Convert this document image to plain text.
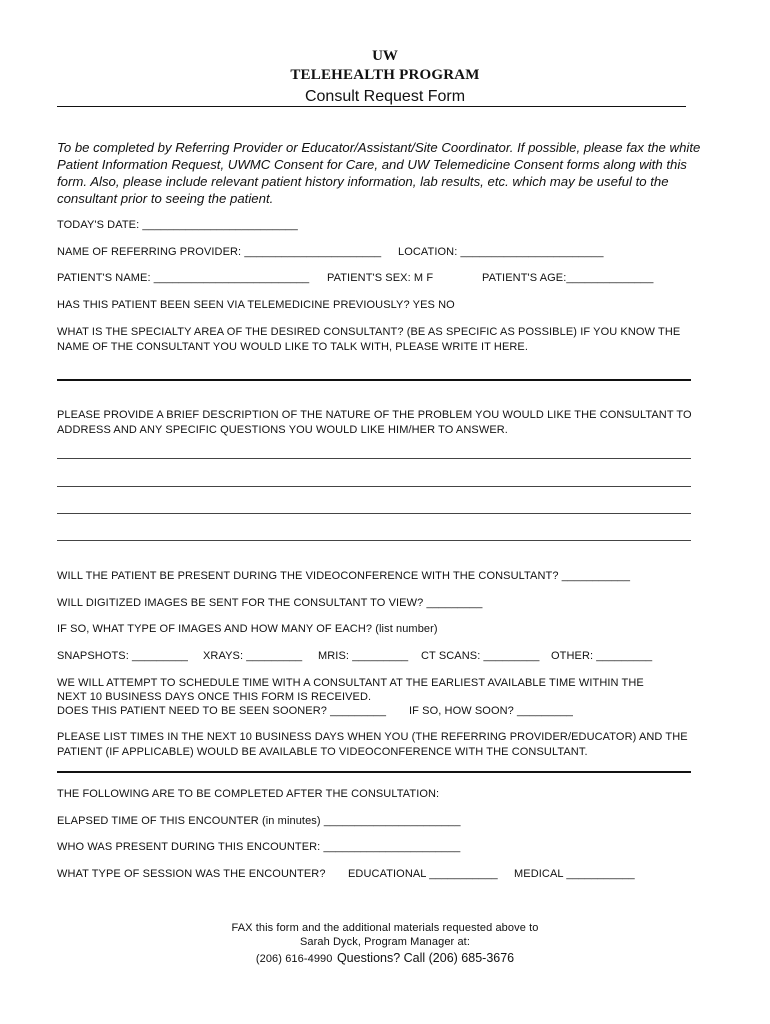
UW
TELEHEALTH PROGRAM
Consult Request Form
To be completed by Referring Provider or Educator/Assistant/Site Coordinator. If possible, please fax the white Patient Information Request, UWMC Consent for Care, and UW Telemedicine Consent forms along with this form. Also, please include relevant patient history information, lab results, etc. which may be useful to the consultant prior to seeing the patient.
TODAY'S DATE: _________________________
NAME OF REFERRING PROVIDER: ______________________ LOCATION: _______________________
PATIENT'S NAME: _________________________ PATIENT'S SEX: M F	PATIENT'S AGE:______________
HAS THIS PATIENT BEEN SEEN VIA TELEMEDICINE PREVIOUSLY? YES NO
WHAT IS THE SPECIALTY AREA OF THE DESIRED CONSULTANT? (BE AS SPECIFIC AS POSSIBLE) IF YOU KNOW THE NAME OF THE CONSULTANT YOU WOULD LIKE TO TALK WITH, PLEASE WRITE IT HERE.
PLEASE PROVIDE A BRIEF DESCRIPTION OF THE NATURE OF THE PROBLEM YOU WOULD LIKE THE CONSULTANT TO ADDRESS AND ANY SPECIFIC QUESTIONS YOU WOULD LIKE HIM/HER TO ANSWER.
WILL THE PATIENT BE PRESENT DURING THE VIDEOCONFERENCE WITH THE CONSULTANT? ___________
WILL DIGITIZED IMAGES BE SENT FOR THE CONSULTANT TO VIEW? _________
IF SO, WHAT TYPE OF IMAGES AND HOW MANY OF EACH? (list number)
SNAPSHOTS: _________ XRAYS: _________ MRIS: _________ CT SCANS: _________ OTHER: _________
WE WILL ATTEMPT TO SCHEDULE TIME WITH A CONSULTANT AT THE EARLIEST AVAILABLE TIME WITHIN THE
NEXT 10 BUSINESS DAYS ONCE THIS FORM IS RECEIVED.
DOES THIS PATIENT NEED TO BE SEEN SOONER? _________ IF SO, HOW SOON? _________
PLEASE LIST TIMES IN THE NEXT 10 BUSINESS DAYS WHEN YOU (THE REFERRING PROVIDER/EDUCATOR) AND THE PATIENT (IF APPLICABLE) WOULD BE AVAILABLE TO VIDEOCONFERENCE WITH THE CONSULTANT.
THE FOLLOWING ARE TO BE COMPLETED AFTER THE CONSULTATION:
ELAPSED TIME OF THIS ENCOUNTER (in minutes) ______________________
WHO WAS PRESENT DURING THIS ENCOUNTER: ______________________
WHAT TYPE OF SESSION WAS THE ENCOUNTER? EDUCATIONAL ___________ MEDICAL ___________
FAX this form and the additional materials requested above to
Sarah Dyck, Program Manager at:
(206) 616-4990 Questions? Call (206) 685-3676
